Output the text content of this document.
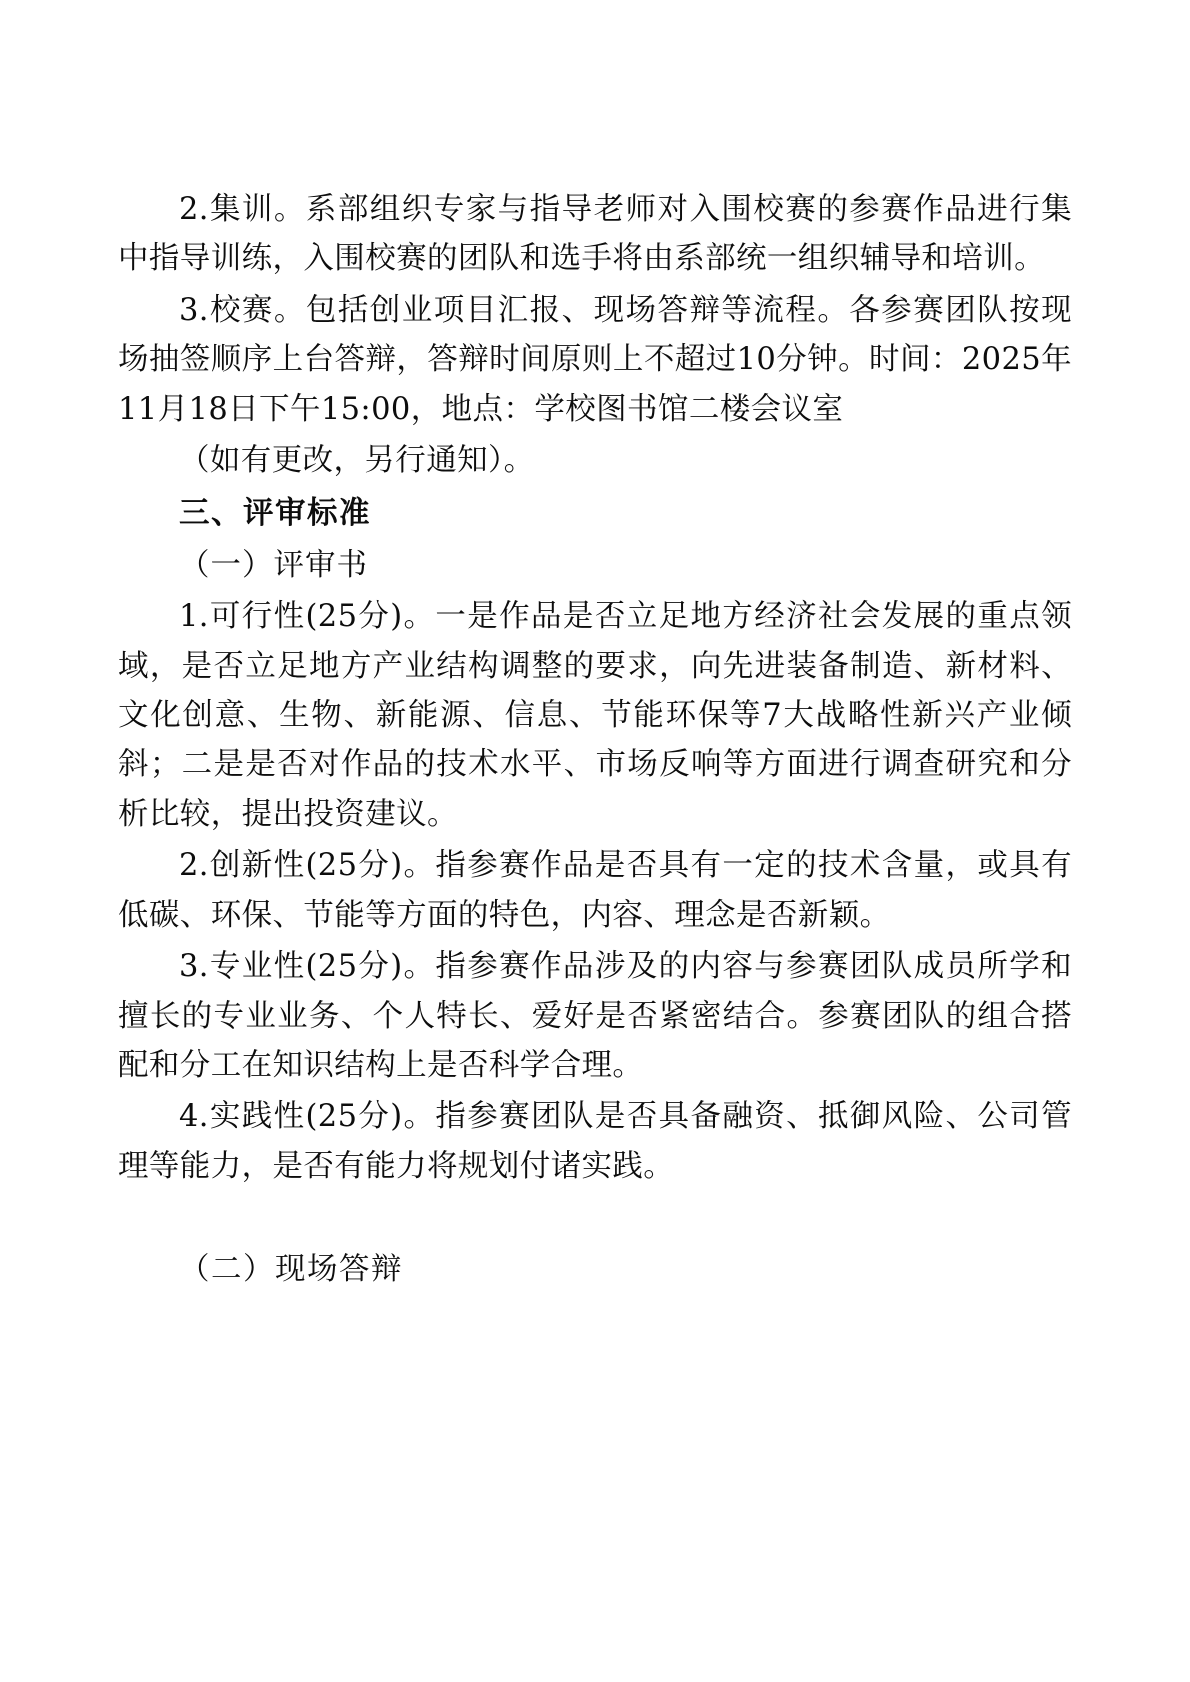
2.集训。系部组织专家与指导老师对入围校赛的参赛作品进行集中指导训练，入围校赛的团队和选手将由系部统一组织辅导和培训。

3.校赛。包括创业项目汇报、现场答辩等流程。各参赛团队按现场抽签顺序上台答辩，答辩时间原则上不超过10分钟。时间：2025年11月18日下午15:00，地点：学校图书馆二楼会议室

（如有更改，另行通知）。

三、评审标准

（一）评审书

1.可行性(25分)。一是作品是否立足地方经济社会发展的重点领域，是否立足地方产业结构调整的要求，向先进装备制造、新材料、文化创意、生物、新能源、信息、节能环保等7大战略性新兴产业倾斜；二是是否对作品的技术水平、市场反响等方面进行调查研究和分析比较，提出投资建议。

2.创新性(25分)。指参赛作品是否具有一定的技术含量，或具有低碳、环保、节能等方面的特色，内容、理念是否新颖。

3.专业性(25分)。指参赛作品涉及的内容与参赛团队成员所学和擅长的专业业务、个人特长、爱好是否紧密结合。参赛团队的组合搭配和分工在知识结构上是否科学合理。

4.实践性(25分)。指参赛团队是否具备融资、抵御风险、公司管理等能力，是否有能力将规划付诸实践。

（二）现场答辩
